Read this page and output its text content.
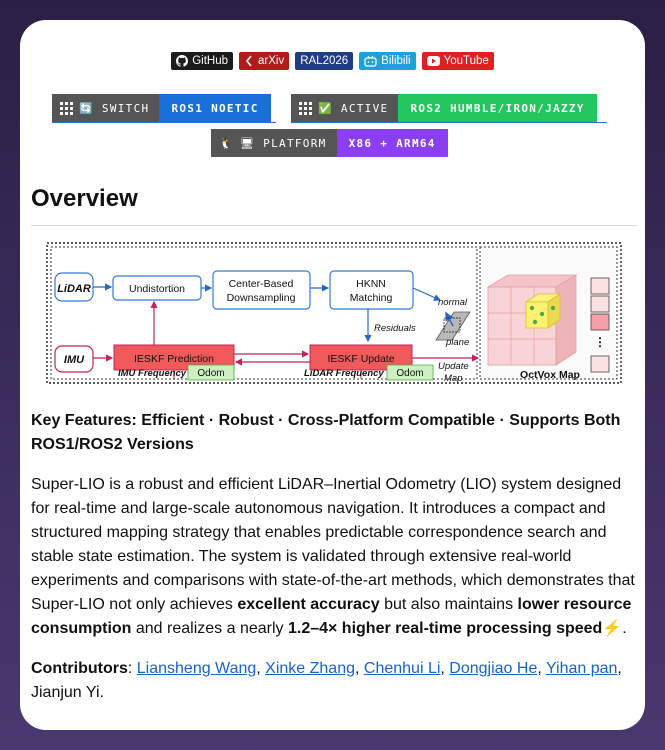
GitHub	arXiv RAL2026	Bilibili	YouTube
🔄 SWITCH ROS1 NOETIC	✅ ACTIVE ROS2 HUMBLE/IRON/JAZZY
🐧 🖥 PLATFORM X86 + ARM64
Overview
LiDAR
IMU
Undistortion	Center-Based
Downsampling
HKNN
Matching	normal
plane
Residuals
IESKF Prediction	IESKF Update
Update
Map
IMU Frequency Odom	LiDAR Frequency Odom
⋮
OctVox Map
Key Features: Efficient · Robust · Cross-Platform Compatible · Supports Both ROS1/ROS2 Versions

Super-LIO is a robust and efficient LiDAR–Inertial Odometry (LIO) system designed for real-time and large-scale autonomous navigation. It introduces a compact and structured mapping strategy that enables predictable correspondence search and stable state estimation. The system is validated through extensive real-world experiments and comparisons with state-of-the-art methods, which demonstrates that Super-LIO not only achieves excellent accuracy but also maintains lower resource consumption and realizes a nearly 1.2–4× higher real-time processing speed⚡.

Contributors: Liansheng Wang, Xinke Zhang, Chenhui Li, Dongjiao He, Yihan pan, Jianjun Yi.
